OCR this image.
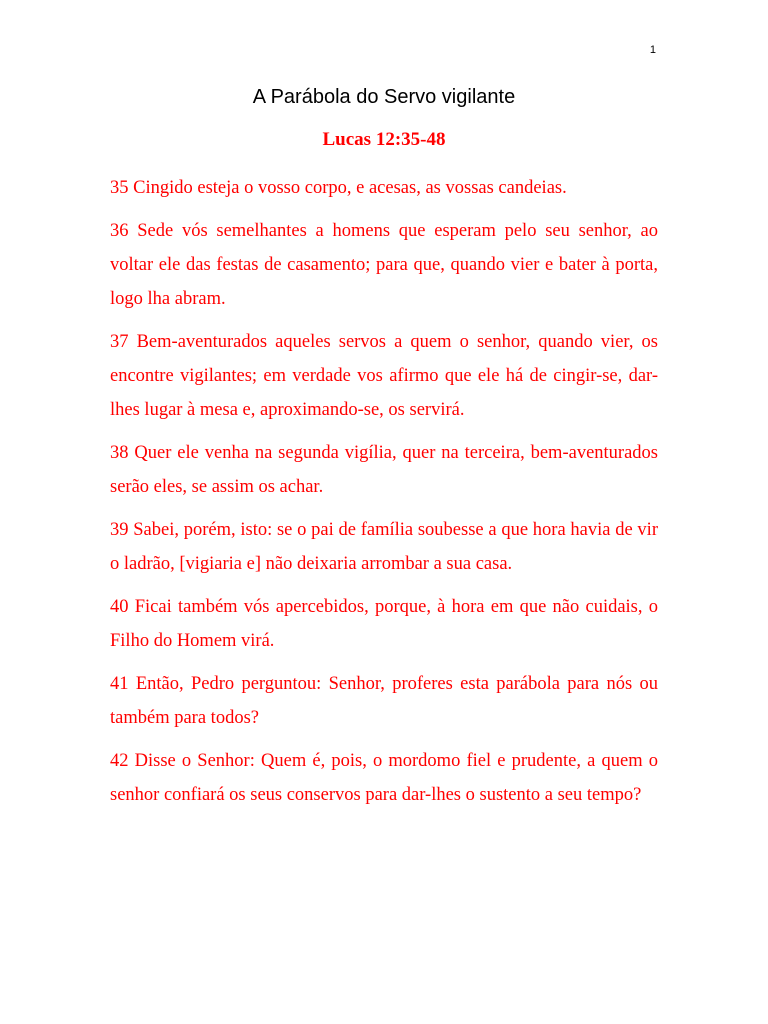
1
A Parábola do Servo vigilante
Lucas 12:35-48

35 Cingido esteja o vosso corpo, e acesas, as vossas candeias.

36 Sede vós semelhantes a homens que esperam pelo seu senhor, ao voltar ele das festas de casamento; para que, quando vier e bater à porta, logo lha abram.

37 Bem-aventurados aqueles servos a quem o senhor, quando vier, os encontre vigilantes; em verdade vos afirmo que ele há de cingir-se, dar-lhes lugar à mesa e, aproximando-se, os servirá.

38 Quer ele venha na segunda vigília, quer na terceira, bem-aventurados serão eles, se assim os achar.

39 Sabei, porém, isto: se o pai de família soubesse a que hora havia de vir o ladrão, [vigiaria e] não deixaria arrombar a sua casa.

40 Ficai também vós apercebidos, porque, à hora em que não cuidais, o Filho do Homem virá.

41 Então, Pedro perguntou: Senhor, proferes esta parábola para nós ou também para todos?

42 Disse o Senhor: Quem é, pois, o mordomo fiel e prudente, a quem o senhor confiará os seus conservos para dar-lhes o sustento a seu tempo?
